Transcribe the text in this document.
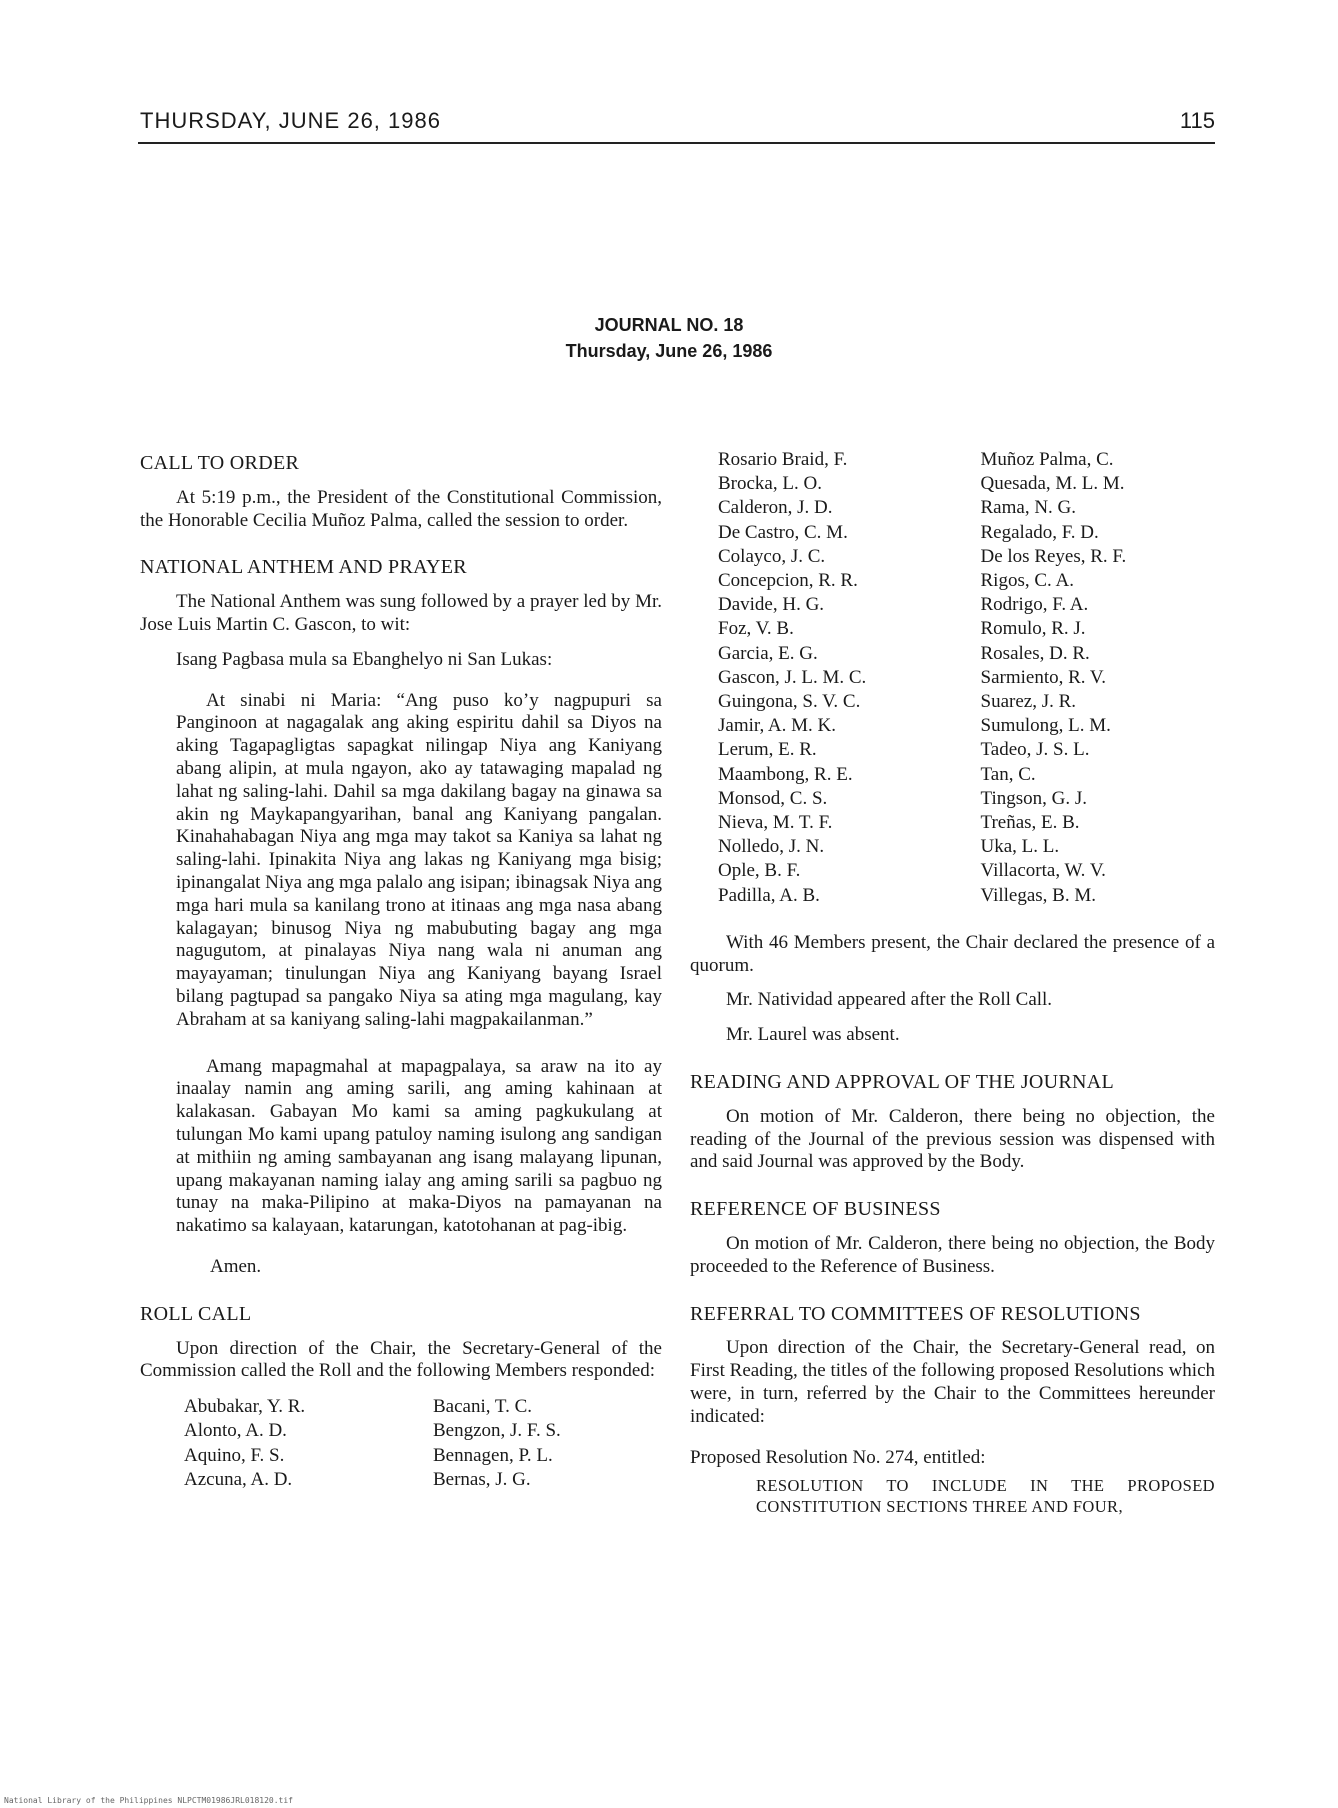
THURSDAY, JUNE 26, 1986	115
JOURNAL NO. 18
Thursday, June 26, 1986

CALL TO ORDER

At 5:19 p.m., the President of the Constitutional Commission, the Honorable Cecilia Muñoz Palma, called the session to order.

NATIONAL ANTHEM AND PRAYER

The National Anthem was sung followed by a prayer led by Mr. Jose Luis Martin C. Gascon, to wit:

Isang Pagbasa mula sa Ebanghelyo ni San Lukas:

At sinabi ni Maria: “Ang puso ko’y nagpupuri sa Panginoon at nagagalak ang aking espiritu dahil sa Diyos na aking Tagapagligtas sapagkat nilingap Niya ang Kaniyang abang alipin, at mula ngayon, ako ay tatawaging mapalad ng lahat ng saling-lahi. Dahil sa mga dakilang bagay na ginawa sa akin ng Maykapangyarihan, banal ang Kaniyang pangalan. Kinahahabagan Niya ang mga may takot sa Kaniya sa lahat ng saling-lahi. Ipinakita Niya ang lakas ng Kaniyang mga bisig; ipinangalat Niya ang mga palalo ang isipan; ibinagsak Niya ang mga hari mula sa kanilang trono at itinaas ang mga nasa abang kalagayan; binusog Niya ng mabubuting bagay ang mga nagugutom, at pinalayas Niya nang wala ni anuman ang mayayaman; tinulungan Niya ang Kaniyang bayang Israel bilang pagtupad sa pangako Niya sa ating mga magulang, kay Abraham at sa kaniyang saling-lahi magpakailanman.”

Amang mapagmahal at mapagpalaya, sa araw na ito ay inaalay namin ang aming sarili, ang aming kahinaan at kalakasan. Gabayan Mo kami sa aming pagkukulang at tulungan Mo kami upang patuloy naming isulong ang sandigan at mithiin ng aming sambayanan ang isang malayang lipunan, upang makayanan naming ialay ang aming sarili sa pagbuo ng tunay na maka-Pilipino at maka-Diyos na pamayanan na nakatimo sa kalayaan, katarungan, katotohanan at pag-ibig.

Amen.

ROLL CALL

Upon direction of the Chair, the Secretary-General of the Commission called the Roll and the following Members responded:

Abubakar, Y. R.
Alonto, A. D.
Aquino, F. S.
Azcuna, A. D.
Bacani, T. C.
Bengzon, J. F. S.
Bennagen, P. L.
Bernas, J. G.
Rosario Braid, F.
Brocka, L. O.
Calderon, J. D.
De Castro, C. M.
Colayco, J. C.
Concepcion, R. R.
Davide, H. G.
Foz, V. B.
Garcia, E. G.
Gascon, J. L. M. C.
Guingona, S. V. C.
Jamir, A. M. K.
Lerum, E. R.
Maambong, R. E.
Monsod, C. S.
Nieva, M. T. F.
Nolledo, J. N.
Ople, B. F.
Padilla, A. B.
Muñoz Palma, C.
Quesada, M. L. M.
Rama, N. G.
Regalado, F. D.
De los Reyes, R. F.
Rigos, C. A.
Rodrigo, F. A.
Romulo, R. J.
Rosales, D. R.
Sarmiento, R. V.
Suarez, J. R.
Sumulong, L. M.
Tadeo, J. S. L.
Tan, C.
Tingson, G. J.
Treñas, E. B.
Uka, L. L.
Villacorta, W. V.
Villegas, B. M.

With 46 Members present, the Chair declared the presence of a quorum.

Mr. Natividad appeared after the Roll Call.

Mr. Laurel was absent.

READING AND APPROVAL OF THE JOURNAL

On motion of Mr. Calderon, there being no objection, the reading of the Journal of the previous session was dispensed with and said Journal was approved by the Body.

REFERENCE OF BUSINESS

On motion of Mr. Calderon, there being no objection, the Body proceeded to the Reference of Business.

REFERRAL TO COMMITTEES OF RESOLUTIONS

Upon direction of the Chair, the Secretary-General read, on First Reading, the titles of the following proposed Resolutions which were, in turn, referred by the Chair to the Committees hereunder indicated:

Proposed Resolution No. 274, entitled:

RESOLUTION TO INCLUDE IN THE PROPOSED CONSTITUTION SECTIONS THREE AND FOUR,

National Library of the Philippines NLPCTM01986JRL018120.tif
